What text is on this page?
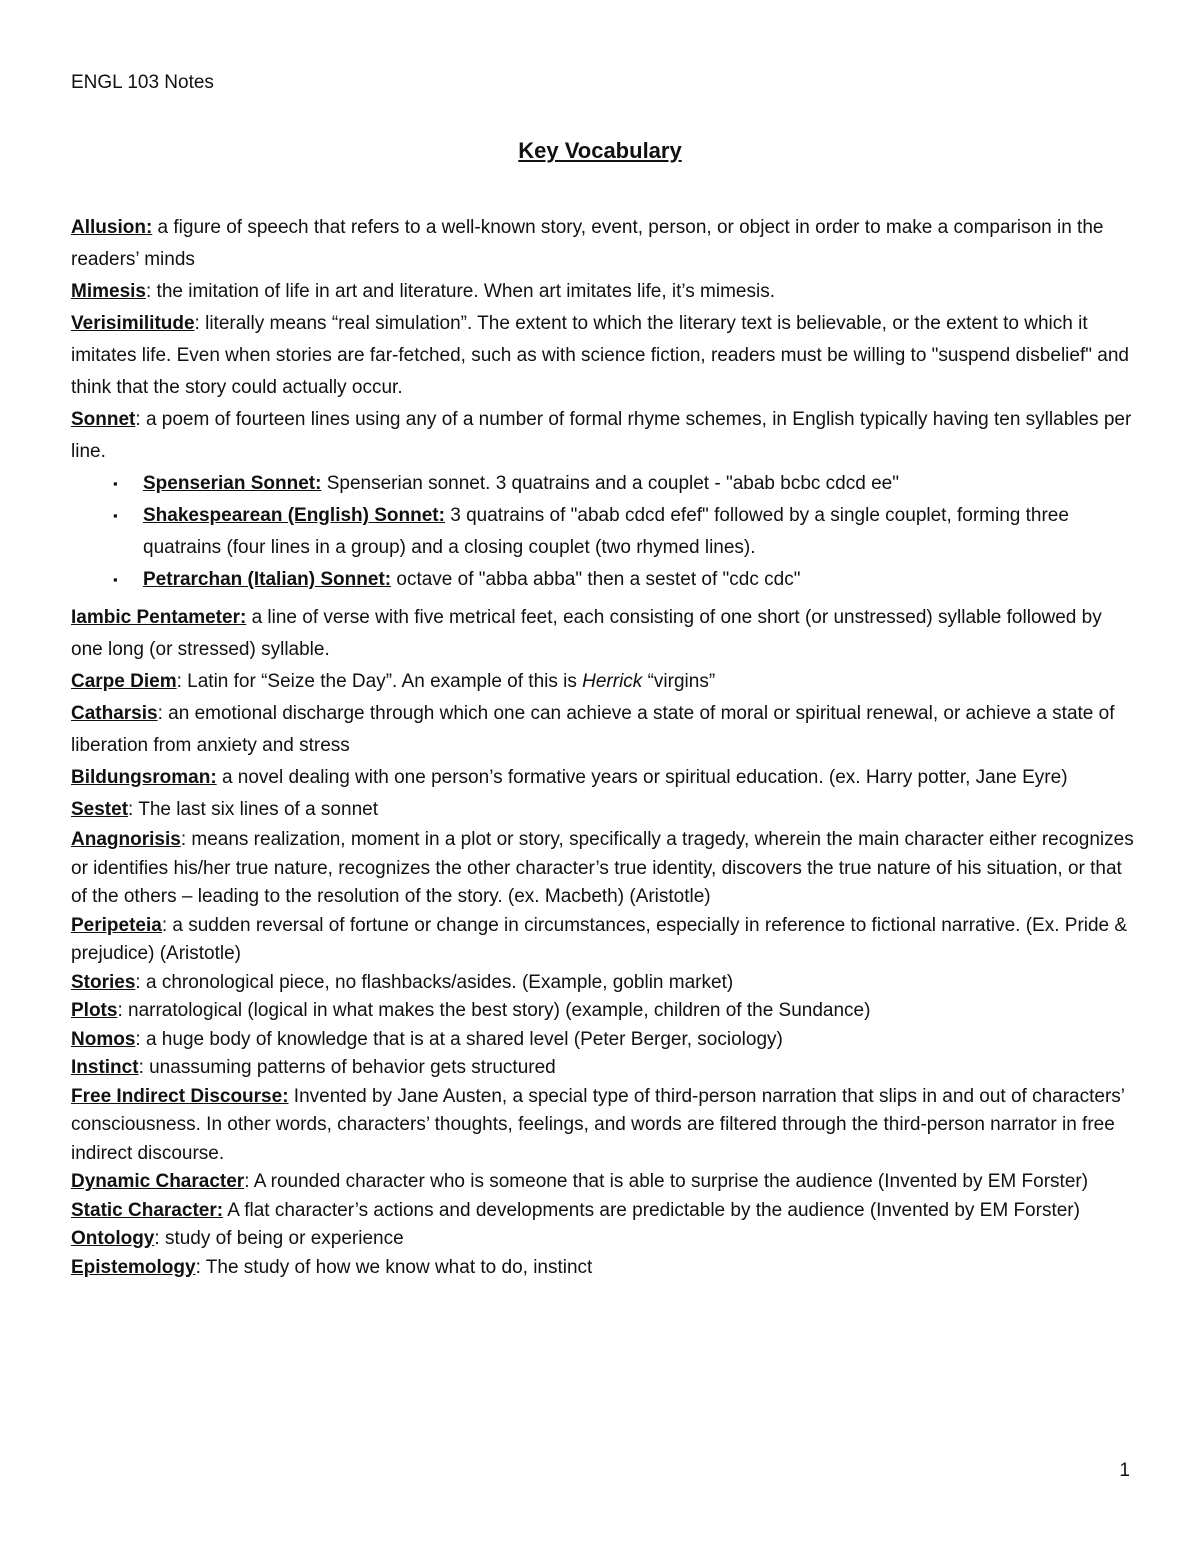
ENGL 103 Notes
Key Vocabulary

Allusion: a figure of speech that refers to a well-known story, event, person, or object in order to make a comparison in the readers’ minds

Mimesis: the imitation of life in art and literature. When art imitates life, it’s mimesis.

Verisimilitude: literally means “real simulation”. The extent to which the literary text is believable, or the extent to which it imitates life. Even when stories are far-fetched, such as with science fiction, readers must be willing to "suspend disbelief" and think that the story could actually occur.

Sonnet: a poem of fourteen lines using any of a number of formal rhyme schemes, in English typically having ten syllables per line.

▪ Spenserian Sonnet: Spenserian sonnet. 3 quatrains and a couplet - "abab bcbc cdcd ee"
▪ Shakespearean (English) Sonnet: 3 quatrains of "abab cdcd efef" followed by a single couplet, forming three quatrains (four lines in a group) and a closing couplet (two rhymed lines).
▪ Petrarchan (Italian) Sonnet: octave of "abba abba" then a sestet of "cdc cdc"

Iambic Pentameter: a line of verse with five metrical feet, each consisting of one short (or unstressed) syllable followed by one long (or stressed) syllable.

Carpe Diem: Latin for “Seize the Day”. An example of this is Herrick “virgins”

Catharsis: an emotional discharge through which one can achieve a state of moral or spiritual renewal, or achieve a state of liberation from anxiety and stress

Bildungsroman: a novel dealing with one person’s formative years or spiritual education. (ex. Harry potter, Jane Eyre)

Sestet: The last six lines of a sonnet

Anagnorisis: means realization, moment in a plot or story, specifically a tragedy, wherein the main character either recognizes or identifies his/her true nature, recognizes the other character’s true identity, discovers the true nature of his situation, or that of the others – leading to the resolution of the story. (ex. Macbeth) (Aristotle)

Peripeteia: a sudden reversal of fortune or change in circumstances, especially in reference to fictional narrative. (Ex. Pride & prejudice) (Aristotle)

Stories: a chronological piece, no flashbacks/asides. (Example, goblin market)

Plots: narratological (logical in what makes the best story) (example, children of the Sundance)

Nomos: a huge body of knowledge that is at a shared level (Peter Berger, sociology)

Instinct: unassuming patterns of behavior gets structured

Free Indirect Discourse: Invented by Jane Austen, a special type of third-person narration that slips in and out of characters’ consciousness. In other words, characters’ thoughts, feelings, and words are filtered through the third-person narrator in free indirect discourse.

Dynamic Character: A rounded character who is someone that is able to surprise the audience (Invented by EM Forster)

Static Character: A flat character’s actions and developments are predictable by the audience (Invented by EM Forster)

Ontology: study of being or experience

Epistemology: The study of how we know what to do, instinct

1
